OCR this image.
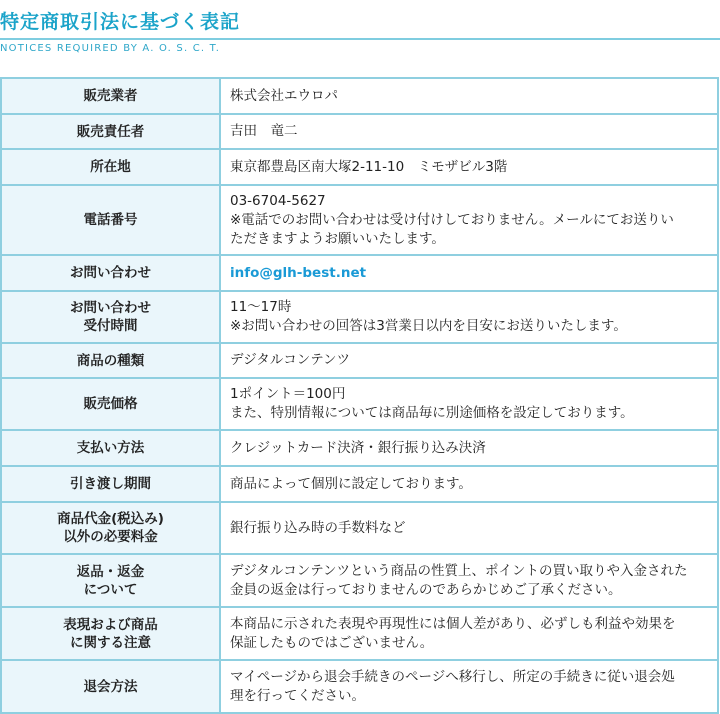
特定商取引法に基づく表記
NOTICES REQUIRED BY A. O. S. C. T.
販売業者	株式会社エウロパ

販売責任者	吉田　竜二

所在地	東京都豊島区南大塚2-11-10　ミモザビル3階

電話番号	03-6704-5627
※電話でのお問い合わせは受け付けしておりません。メールにてお送りい
ただきますようお願いいたします。

お問い合わせ	info@glh-best.net

お問い合わせ
受付時間	11～17時
※お問い合わせの回答は3営業日以内を目安にお送りいたします。

商品の種類	デジタルコンテンツ

販売価格	1ポイント＝100円
また、特別情報については商品毎に別途価格を設定しております。

支払い方法	クレジットカード決済・銀行振り込み決済

引き渡し期間	商品によって個別に設定しております。

商品代金(税込み)
以外の必要料金	銀行振り込み時の手数料など

返品・返金
について	デジタルコンテンツという商品の性質上、ポイントの買い取りや入金された
金員の返金は行っておりませんのであらかじめご了承ください。

表現および商品
に関する注意	本商品に示された表現や再現性には個人差があり、必ずしも利益や効果を
保証したものではございません。

退会方法	マイページから退会手続きのページへ移行し、所定の手続きに従い退会処
理を行ってください。
